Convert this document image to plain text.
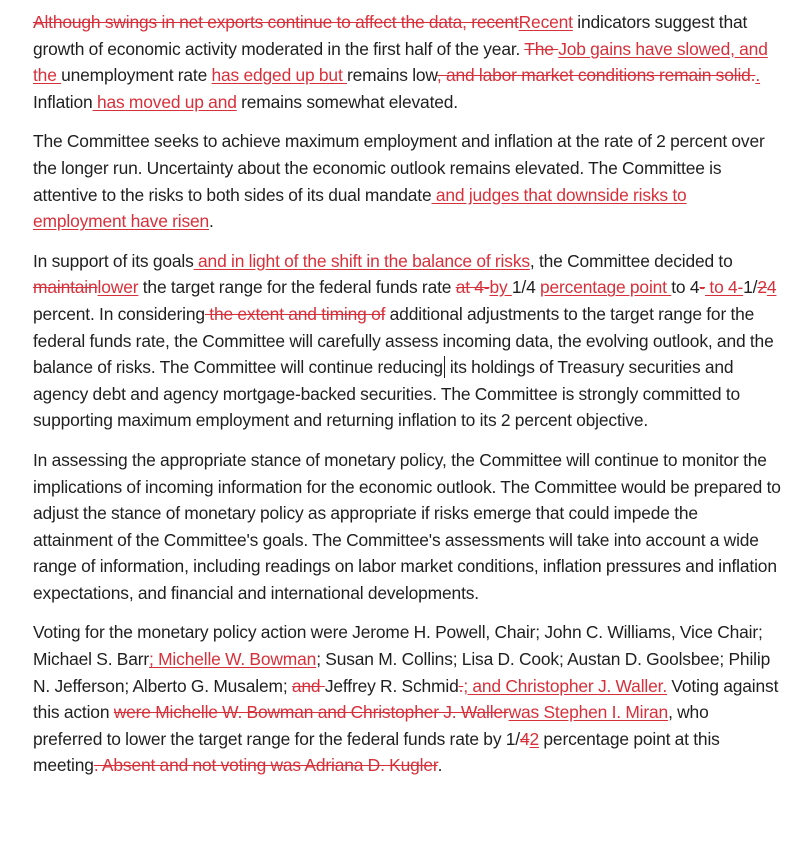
Although swings in net exports continue to affect the data, recentRecent indicators suggest that growth of economic activity moderated in the first half of the year. The Job gains have slowed, and the unemployment rate has edged up but remains low, and labor market conditions remain solid.. Inflation has moved up and remains somewhat elevated.

The Committee seeks to achieve maximum employment and inflation at the rate of 2 percent over the longer run. Uncertainty about the economic outlook remains elevated. The Committee is attentive to the risks to both sides of its dual mandate and judges that downside risks to employment have risen.

In support of its goals and in light of the shift in the balance of risks, the Committee decided to maintainlower the target range for the federal funds rate at 4-by 1/4 percentage point to 4- to 4-1/24 percent. In considering the extent and timing of additional adjustments to the target range for the federal funds rate, the Committee will carefully assess incoming data, the evolving outlook, and the balance of risks. The Committee will continue reducing its holdings of Treasury securities and agency debt and agency mortgage-backed securities. The Committee is strongly committed to supporting maximum employment and returning inflation to its 2 percent objective.

In assessing the appropriate stance of monetary policy, the Committee will continue to monitor the implications of incoming information for the economic outlook. The Committee would be prepared to adjust the stance of monetary policy as appropriate if risks emerge that could impede the attainment of the Committee's goals. The Committee's assessments will take into account a wide range of information, including readings on labor market conditions, inflation pressures and inflation expectations, and financial and international developments.

Voting for the monetary policy action were Jerome H. Powell, Chair; John C. Williams, Vice Chair; Michael S. Barr; Michelle W. Bowman; Susan M. Collins; Lisa D. Cook; Austan D. Goolsbee; Philip N. Jefferson; Alberto G. Musalem; and Jeffrey R. Schmid.; and Christopher J. Waller. Voting against this action were Michelle W. Bowman and Christopher J. Wallerwas Stephen I. Miran, who preferred to lower the target range for the federal funds rate by 1/42 percentage point at this meeting. Absent and not voting was Adriana D. Kugler.
